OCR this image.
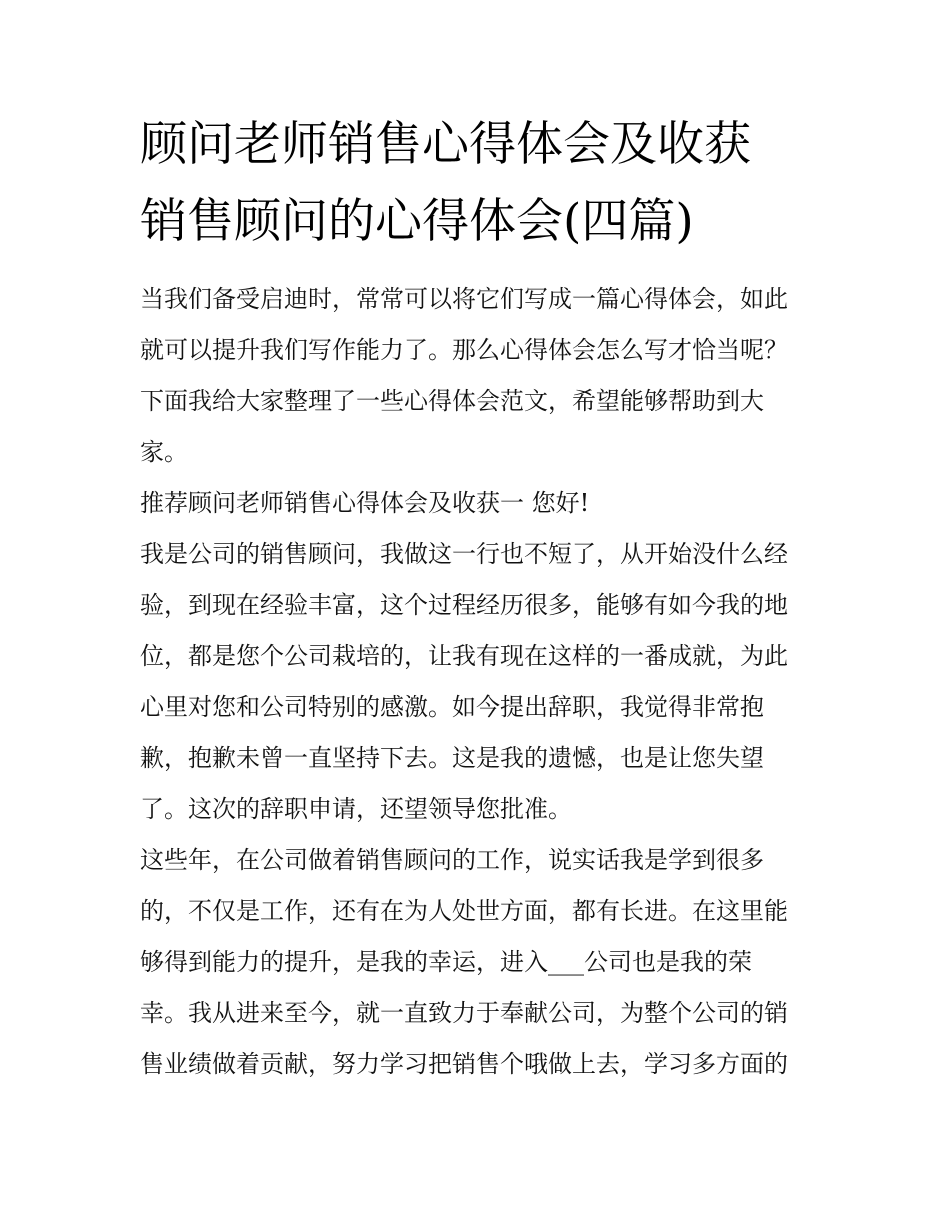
顾问老师销售心得体会及收获
销售顾问的心得体会(四篇)

当我们备受启迪时，常常可以将它们写成一篇心得体会，如此

就可以提升我们写作能力了。那么心得体会怎么写才恰当呢？

下面我给大家整理了一些心得体会范文，希望能够帮助到大

家。

推荐顾问老师销售心得体会及收获一 您好!

我是公司的销售顾问，我做这一行也不短了，从开始没什么经

验，到现在经验丰富，这个过程经历很多，能够有如今我的地

位，都是您个公司栽培的，让我有现在这样的一番成就，为此

心里对您和公司特别的感激。如今提出辞职，我觉得非常抱

歉，抱歉未曾一直坚持下去。这是我的遗憾，也是让您失望

了。这次的辞职申请，还望领导您批准。

这些年，在公司做着销售顾问的工作，说实话我是学到很多

的，不仅是工作，还有在为人处世方面，都有长进。在这里能

够得到能力的提升，是我的幸运，进入___公司也是我的荣

幸。我从进来至今，就一直致力于奉献公司，为整个公司的销

售业绩做着贡献，努力学习把销售个哦做上去，学习多方面的
